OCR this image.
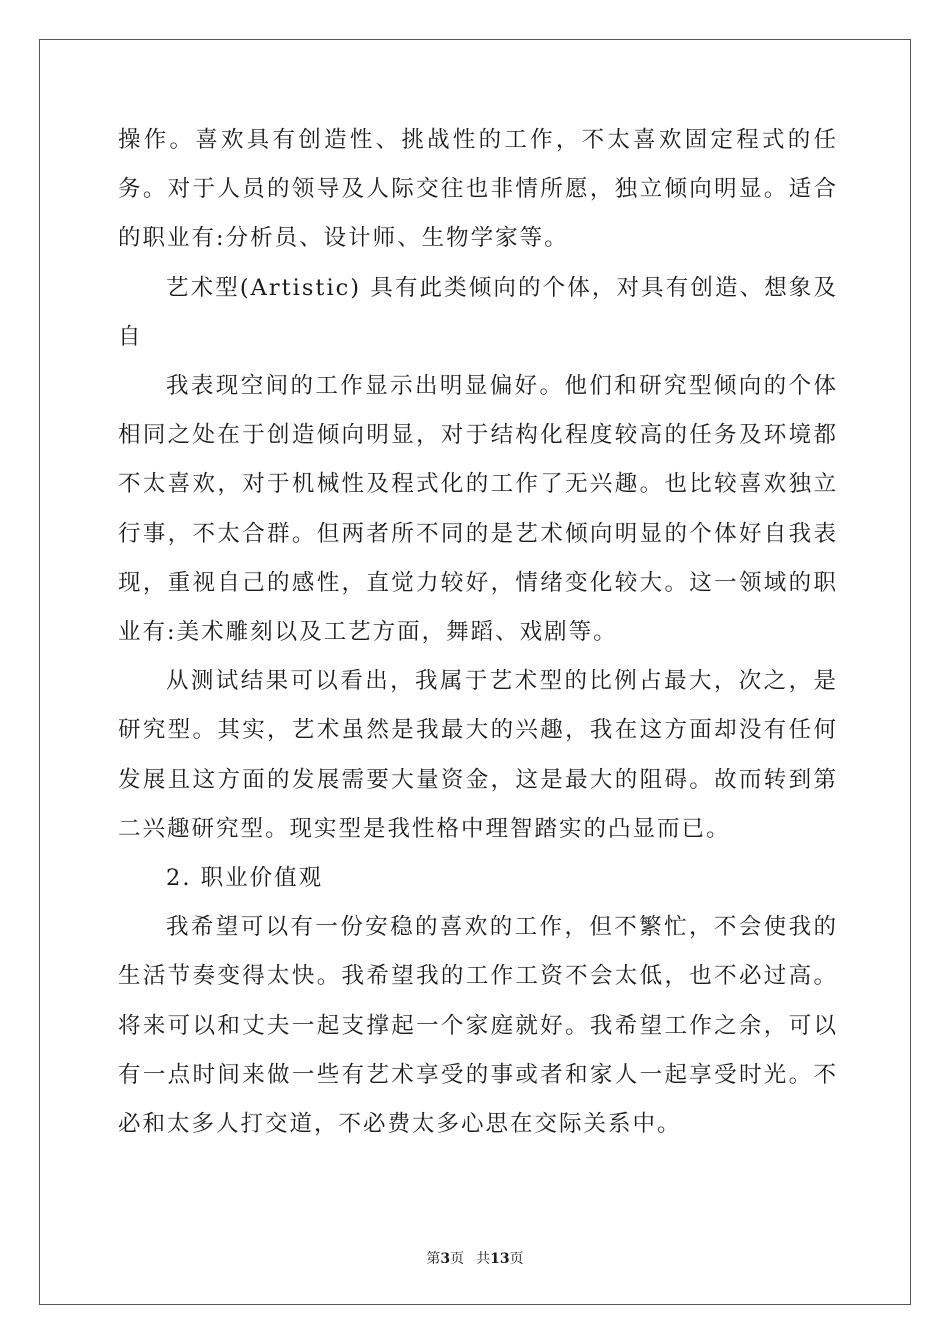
操作。喜欢具有创造性、挑战性的工作，不太喜欢固定程式的任务。对于人员的领导及人际交往也非情所愿，独立倾向明显。适合的职业有:分析员、设计师、生物学家等。

艺术型(Artistic) 具有此类倾向的个体，对具有创造、想象及自

我表现空间的工作显示出明显偏好。他们和研究型倾向的个体相同之处在于创造倾向明显，对于结构化程度较高的任务及环境都不太喜欢，对于机械性及程式化的工作了无兴趣。也比较喜欢独立行事，不太合群。但两者所不同的是艺术倾向明显的个体好自我表现，重视自己的感性，直觉力较好，情绪变化较大。这一领域的职业有:美术雕刻以及工艺方面，舞蹈、戏剧等。

从测试结果可以看出，我属于艺术型的比例占最大，次之，是研究型。其实，艺术虽然是我最大的兴趣，我在这方面却没有任何发展且这方面的发展需要大量资金，这是最大的阻碍。故而转到第二兴趣研究型。现实型是我性格中理智踏实的凸显而已。

2. 职业价值观

我希望可以有一份安稳的喜欢的工作，但不繁忙，不会使我的生活节奏变得太快。我希望我的工作工资不会太低，也不必过高。将来可以和丈夫一起支撑起一个家庭就好。我希望工作之余，可以有一点时间来做一些有艺术享受的事或者和家人一起享受时光。不必和太多人打交道，不必费太多心思在交际关系中。

第3页 共13页
